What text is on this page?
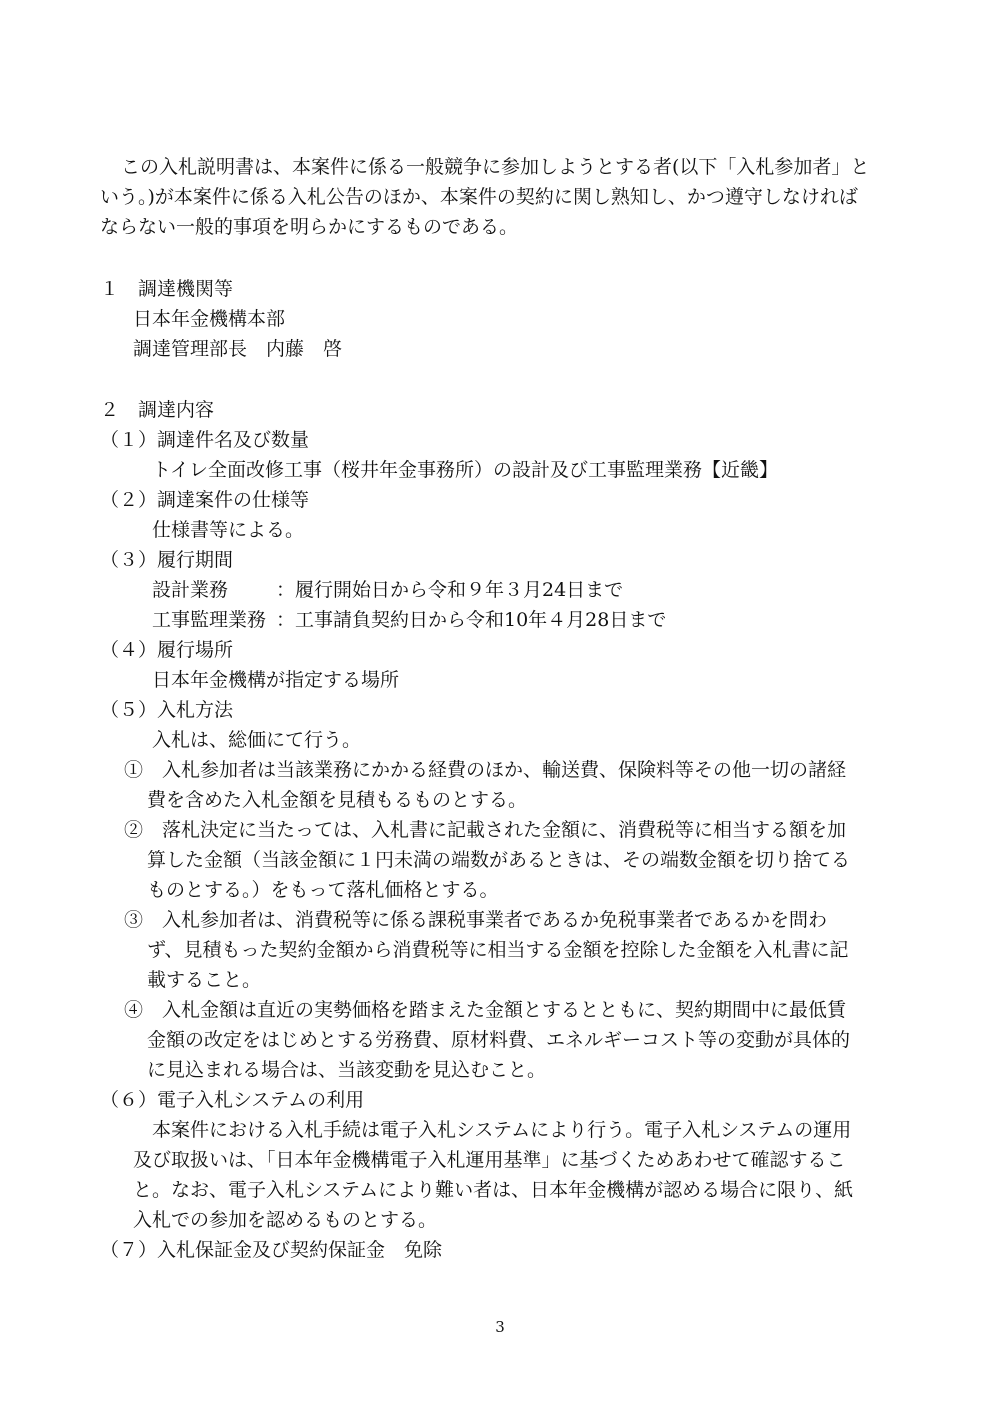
　この入札説明書は、本案件に係る一般競争に参加しようとする者(以下「入札参加者」と
いう。)が本案件に係る入札公告のほか、本案件の契約に関し熟知し、かつ遵守しなければ
ならない一般的事項を明らかにするものである。
１　調達機関等
日本年金機構本部
調達管理部長　内藤　啓
２　調達内容
（１）調達件名及び数量
トイレ全面改修工事（桜井年金事務所）の設計及び工事監理業務【近畿】
（２）調達案件の仕様等
仕様書等による。
（３）履行期間
設計業務	：履行開始日から令和９年３月24日まで
工事監理業務 ：工事請負契約日から令和10年４月28日まで
（４）履行場所
日本年金機構が指定する場所
（５）入札方法
入札は、総価にて行う。
①　入札参加者は当該業務にかかる経費のほか、輸送費、保険料等その他一切の諸経
費を含めた入札金額を見積もるものとする。
②　落札決定に当たっては、入札書に記載された金額に、消費税等に相当する額を加
算した金額（当該金額に１円未満の端数があるときは、その端数金額を切り捨てる
ものとする。）をもって落札価格とする。
③　入札参加者は、消費税等に係る課税事業者であるか免税事業者であるかを問わ
ず、見積もった契約金額から消費税等に相当する金額を控除した金額を入札書に記
載すること。
④　入札金額は直近の実勢価格を踏まえた金額とするとともに、契約期間中に最低賃
金額の改定をはじめとする労務費、原材料費、エネルギーコスト等の変動が具体的
に見込まれる場合は、当該変動を見込むこと。
（６）電子入札システムの利用
本案件における入札手続は電子入札システムにより行う。電子入札システムの運用
及び取扱いは、「日本年金機構電子入札運用基準」に基づくためあわせて確認するこ
と。なお、電子入札システムにより難い者は、日本年金機構が認める場合に限り、紙
入札での参加を認めるものとする。
（７）入札保証金及び契約保証金　免除
3
